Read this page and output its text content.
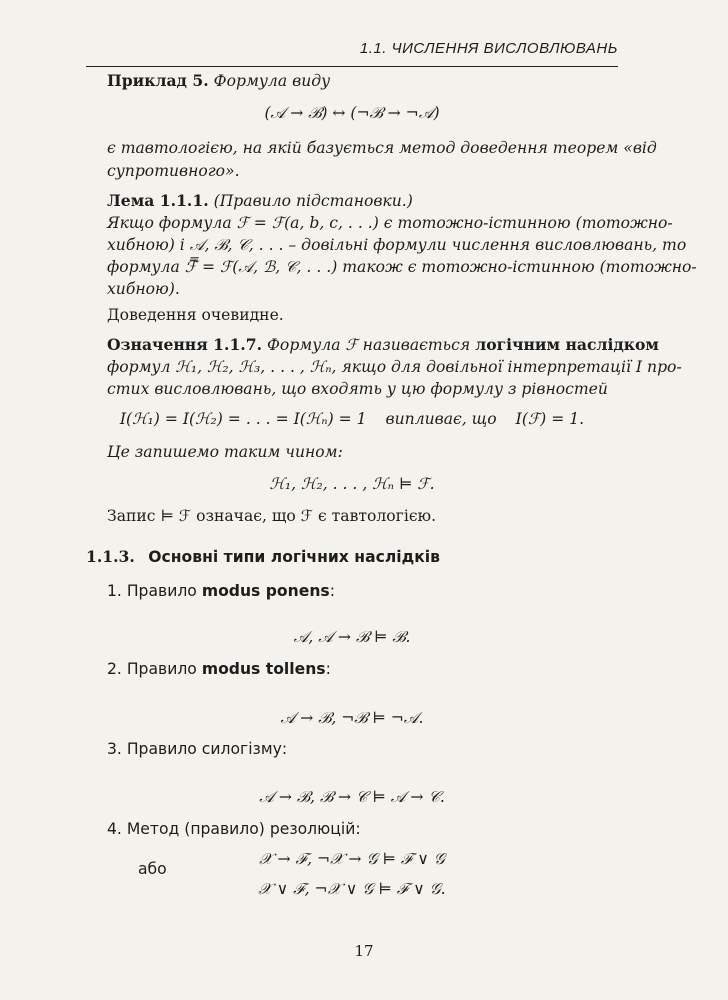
1.1. ЧИСЛЕННЯ ВИСЛОВЛЮВАНЬ
Приклад 5. Формула виду
(𝒜 → ℬ) ↔ (¬ℬ → ¬𝒜)
є тавтологією, на якій базується метод доведення теорем «від
супротивного».
Лема 1.1.1. (Правило підстановки.)
Якщо формула ℱ = ℱ(a, b, c, . . .) є тотожно-істинною (тотожно-
хибною) і 𝒜, ℬ, 𝒞, . . . – довільні формули числення висловлювань, то
формула ℱ̿ = ℱ(𝒜, ℬ, 𝒞, . . .) також є тотожно-істинною (тотожно-
хибною).
Доведення очевидне.
Означення 1.1.7. Формула ℱ називається логічним наслідком
формул ℋ₁, ℋ₂, ℋ₃, . . . , ℋₙ, якщо для довільної інтерпретації I про-
стих висловлювань, що входять у цю формулу з рівностей
I(ℋ₁) = I(ℋ₂) = . . . = I(ℋₙ) = 1 випливає, що I(ℱ) = 1.
Це запишемо таким чином:
ℋ₁, ℋ₂, . . . , ℋₙ ⊨ ℱ.
Запис ⊨ ℱ означає, що ℱ є тавтологією.
1.1.3. Основні типи логічних наслідків
1. Правило modus ponens:
𝒜, 𝒜 → ℬ ⊨ ℬ.
2. Правило modus tollens:
𝒜 → ℬ, ¬ℬ ⊨ ¬𝒜.
3. Правило силогізму:
𝒜 → ℬ, ℬ → 𝒞 ⊨ 𝒜 → 𝒞.
4. Метод (правило) резолюцій:
𝒳 → ℱ, ¬𝒳 → 𝒢 ⊨ ℱ ∨ 𝒢
або
𝒳 ∨ ℱ, ¬𝒳 ∨ 𝒢 ⊨ ℱ ∨ 𝒢.
17
